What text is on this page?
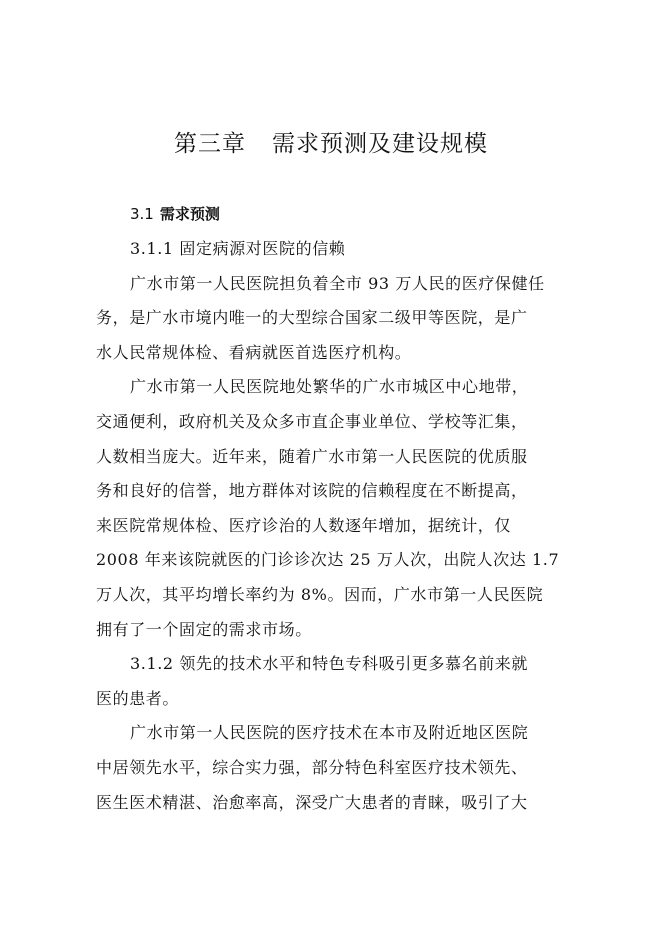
第三章 需求预测及建设规模
3.1 需求预测
3.1.1 固定病源对医院的信赖
广水市第一人民医院担负着全市 93 万人民的医疗保健任
务，是广水市境内唯一的大型综合国家二级甲等医院，是广
水人民常规体检、看病就医首选医疗机构。
广水市第一人民医院地处繁华的广水市城区中心地带，
交通便利，政府机关及众多市直企事业单位、学校等汇集，
人数相当庞大。近年来，随着广水市第一人民医院的优质服
务和良好的信誉，地方群体对该院的信赖程度在不断提高，
来医院常规体检、医疗诊治的人数逐年增加，据统计，仅
2008 年来该院就医的门诊诊次达 25 万人次，出院人次达 1.7
万人次，其平均增长率约为 8%。因而，广水市第一人民医院
拥有了一个固定的需求市场。
3.1.2 领先的技术水平和特色专科吸引更多慕名前来就
医的患者。
广水市第一人民医院的医疗技术在本市及附近地区医院
中居领先水平，综合实力强，部分特色科室医疗技术领先、
医生医术精湛、治愈率高，深受广大患者的青睐，吸引了大
